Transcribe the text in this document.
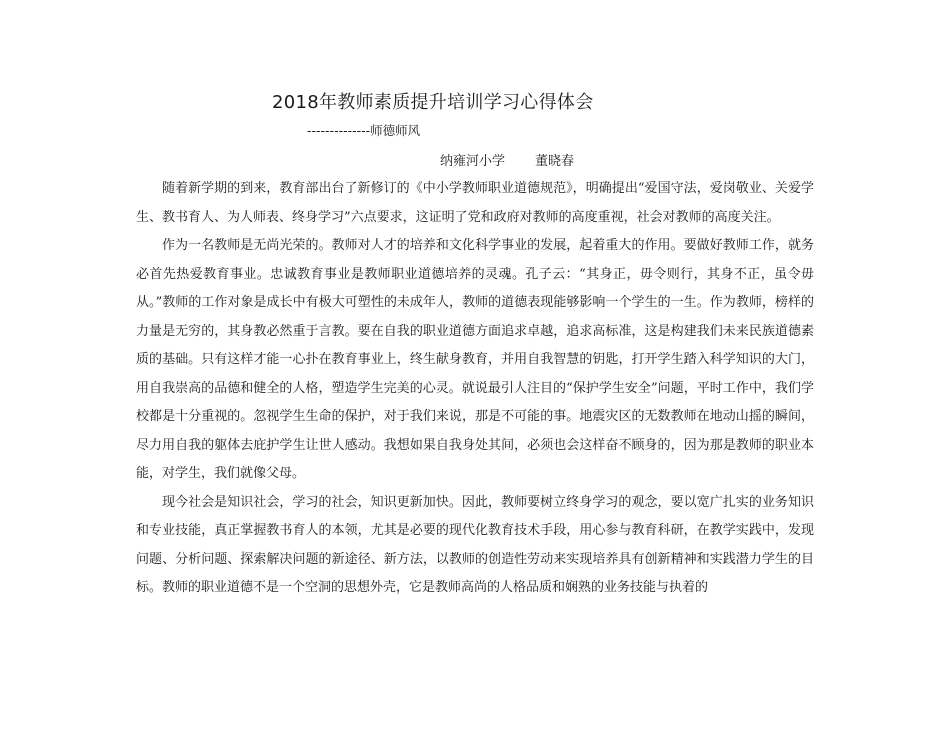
2018年教师素质提升培训学习心得体会
--------------师德师风
纳雍河小学 董晓春

随着新学期的到来，教育部出台了新修订的《中小学教师职业道德规范》，明确提出“爱国守法，爱岗敬业、关爱学生、教书育人、为人师表、终身学习”六点要求，这证明了党和政府对教师的高度重视，社会对教师的高度关注。

作为一名教师是无尚光荣的。教师对人才的培养和文化科学事业的发展，起着重大的作用。要做好教师工作，就务必首先热爱教育事业。忠诚教育事业是教师职业道德培养的灵魂。孔子云：“其身正，毋令则行，其身不正，虽令毋从。”教师的工作对象是成长中有极大可塑性的未成年人，教师的道德表现能够影响一个学生的一生。作为教师，榜样的力量是无穷的，其身教必然重于言教。要在自我的职业道德方面追求卓越，追求高标准，这是构建我们未来民族道德素质的基础。只有这样才能一心扑在教育事业上，终生献身教育，并用自我智慧的钥匙，打开学生踏入科学知识的大门，用自我崇高的品德和健全的人格，塑造学生完美的心灵。就说最引人注目的“保护学生安全”问题，平时工作中，我们学校都是十分重视的。忽视学生生命的保护，对于我们来说，那是不可能的事。地震灾区的无数教师在地动山摇的瞬间，尽力用自我的躯体去庇护学生让世人感动。我想如果自我身处其间，必须也会这样奋不顾身的，因为那是教师的职业本能，对学生，我们就像父母。

现今社会是知识社会，学习的社会，知识更新加快。因此，教师要树立终身学习的观念，要以宽广扎实的业务知识和专业技能，真正掌握教书育人的本领，尤其是必要的现代化教育技术手段，用心参与教育科研，在教学实践中，发现问题、分析问题、探索解决问题的新途径、新方法，以教师的创造性劳动来实现培养具有创新精神和实践潜力学生的目标。教师的职业道德不是一个空洞的思想外壳，它是教师高尚的人格品质和娴熟的业务技能与执着的
